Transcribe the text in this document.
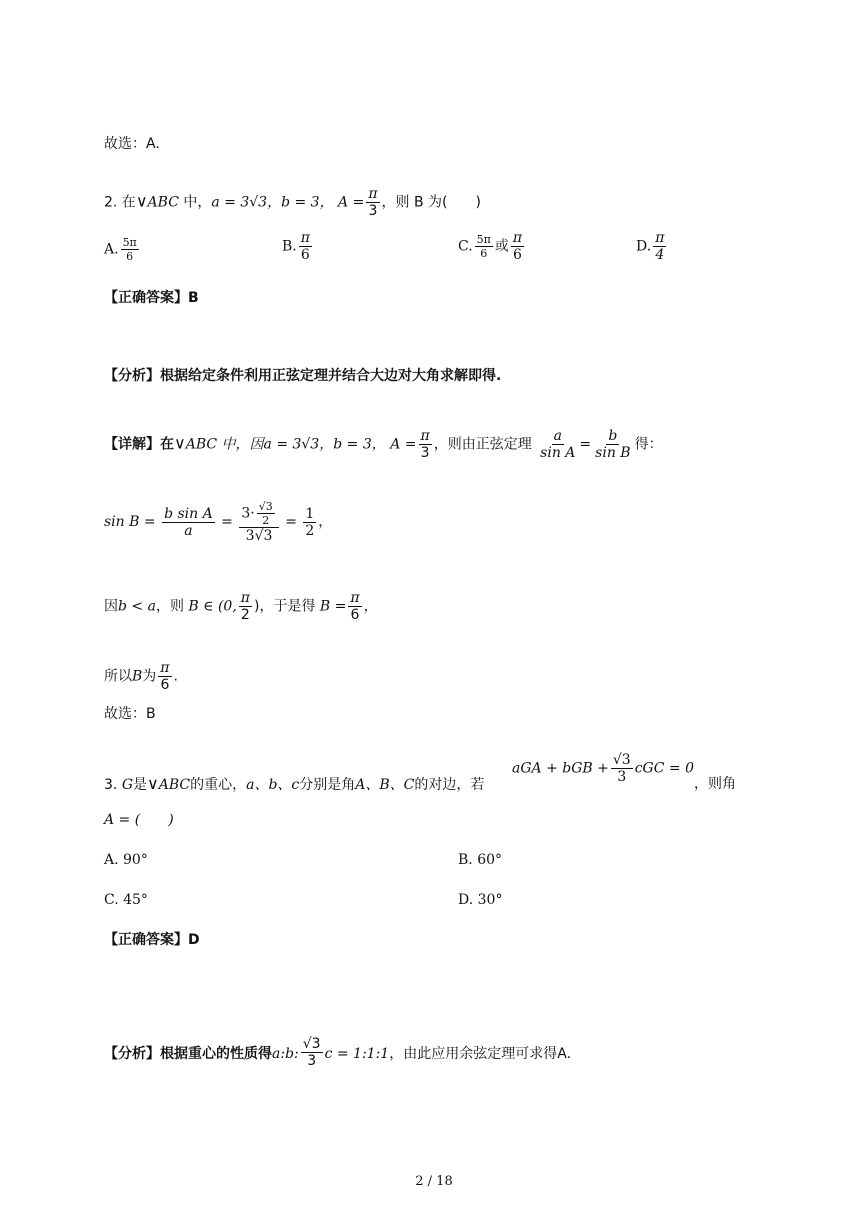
故选：A.
2. 在∨ABC 中，a = 3√3，b = 3， $A = \frac{\pi}{3}$ ，则 B 为(　　)
A. $\frac{5\pi}{6}$	B. $\frac{\pi}{6}$	C. $\frac{5\pi}{6}$ 或 $\frac{\pi}{6}$	D. $\frac{\pi}{4}$
【正确答案】B
【分析】根据给定条件利用正弦定理并结合大边对大角求解即得.
【详解】在∨ABC 中，因a = 3√3，b = 3， $A = \frac{\pi}{3}$ ，则由正弦定理 $\frac{a}{\text{sin A}} = \frac{b}{\text{sin B}}$ 得：
$\sin B = \frac{\text{b sin A}}{a} = \frac{3\cdot \frac{√3}{2}}{3√3} = \frac{1}{2}$ ，
因b < a，则 B ∈ (0, $\frac{\pi}{2}$ )，于是得 $B = \frac{\pi}{6}$ ，
所以B为 $\frac{\pi}{6}$ .
故选：B
3. G是∨ABC的重心，a、b、c分别是角A、B、C的对边，若
aGA + bGB + $\frac{√3}{3}$ cGC = 0
，则角
A = (　　)
A. 90°	B. 60°
C. 45°	D. 30°
【正确答案】D
【分析】根据重心的性质得a:b: $\frac{√3}{3}$ c = 1:1:1，由此应用余弦定理可求得A.
2 / 18
